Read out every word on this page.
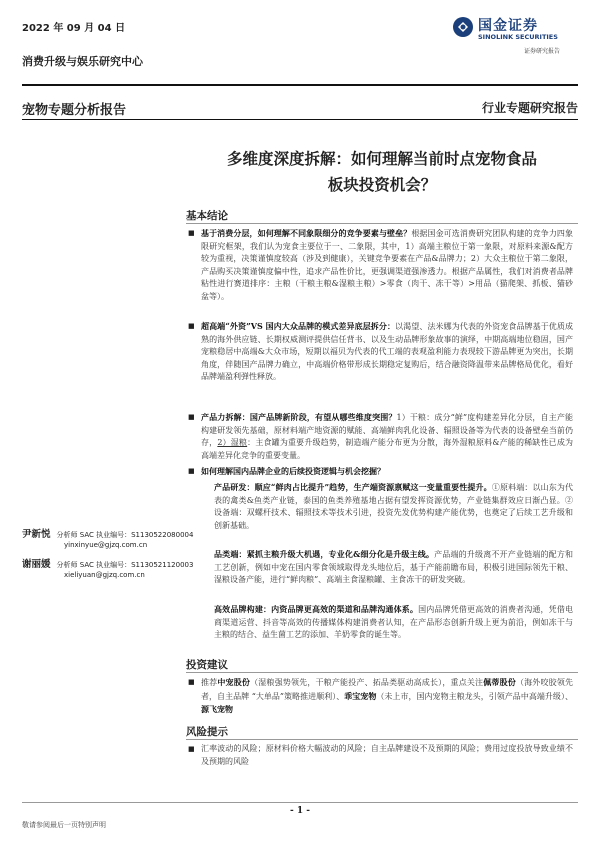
2022 年 09 月 04 日	国金证券
SINOLINK SECURITIES
证券研究报告
消费升级与娱乐研究中心
宠物专题分析报告	行业专题研究报告
多维度深度拆解：如何理解当前时点宠物食品
板块投资机会？
基本结论
■ 基于消费分层，如何理解不同象限细分的竞争要素与壁垒？根据国金可选消费研究团队构建的竞争力四象限研究框架，我们认为宠食主要位于一、二象限，其中，1）高端主粮位于第一象限，对原料来源&配方较为重视，决策谨慎度较高（涉及到健康），关键竞争要素在产品&品牌力；2）大众主粮位于第二象限，产品购买决策谨慎度偏中性，追求产品性价比，更强调渠道强渗透力。根据产品属性，我们对消费者品牌粘性进行赛道排序：主粮（干粮主粮&湿粮主粮）>零食（肉干、冻干等）>用品（猫爬架、抓板、猫砂盆等）。
■ 超高端“外资”VS 国内大众品牌的模式差异底层拆分：以渴望、法米娜为代表的外资宠食品牌基于优质成熟的海外供应链、长期权威测评提供信任背书、以及生动品牌形象故事的演绎，中期高端地位稳固，国产宠粮稳居中高端&大众市场，短期以福贝为代表的代工端的表观盈利能力表现较下游品牌更为突出，长期角度，伴随国产品牌力确立，中高端价格带形成长期稳定复购后，结合融资降温带来品牌格局优化，看好品牌端盈利弹性释放。
■ 产品力拆解：国产品牌新阶段，有望从哪些维度突围？1）干粮：成分“鲜”度构建差异化分层，自主产能构建研发领先基础，原材料端产地资源的赋能、高端鲜肉乳化设备、辐照设备等为代表的设备壁垒当前仍存，2）湿粮：主食罐为重要升级趋势，制造端产能分布更为分散，海外湿粮原料&产能的稀缺性已成为高端差异化竞争的重要变量。
■ 如何理解国内品牌企业的后续投资逻辑与机会挖掘？
产品研发：顺应“鲜肉占比提升”趋势，生产端资源禀赋这一变量重要性提升。①原料端：以山东为代表的禽类&鱼类产业链，泰国的鱼类养殖基地占据有望发挥资源优势，产业链集群效应日渐凸显。②设备端：双螺杆技术、辐照技术等技术引进，投资先发优势构建产能优势，也奠定了后续工艺升级和创新基础。
品类端：紧抓主粮升级大机遇，专业化&细分化是升级主线。产品端的升级离不开产业链端的配方和工艺创新，例如中宠在国内零食领域取得龙头地位后，基于产能前瞻布局，积极引进国际领先干粮、湿粮设备产能，进行“鲜肉粮”、高端主食湿粮罐、主食冻干的研发突破。
高效品牌构建：内资品牌更高效的渠道和品牌沟通体系。国内品牌凭借更高效的消费者沟通，凭借电商渠道运营、抖音等高效的传播媒体构建消费者认知，在产品形态创新升级上更为前沿，例如冻干与主粮的结合、益生菌工艺的添加、羊奶零食的诞生等。
投资建议
■ 推荐中宠股份（湿粮强势领先，干粮产能投产、拓品类驱动高成长），重点关注佩蒂股份（海外咬胶领先者，自主品牌 “大单品”策略推进顺利）、乖宝宠物（未上市，国内宠物主粮龙头，引领产品中高端升级）、源飞宠物
风险提示
■ 汇率波动的风险；原材料价格大幅波动的风险；自主品牌建设不及预期的风险；费用过度投放导致业绩不及预期的风险
尹新悦 分析师 SAC 执业编号：S1130522080004
yinxinyue@gjzq.com.cn
谢丽媛 分析师 SAC 执业编号：S1130521120003
xieliyuan@gjzq.com.cn
- 1 -
敬请参阅最后一页特别声明
